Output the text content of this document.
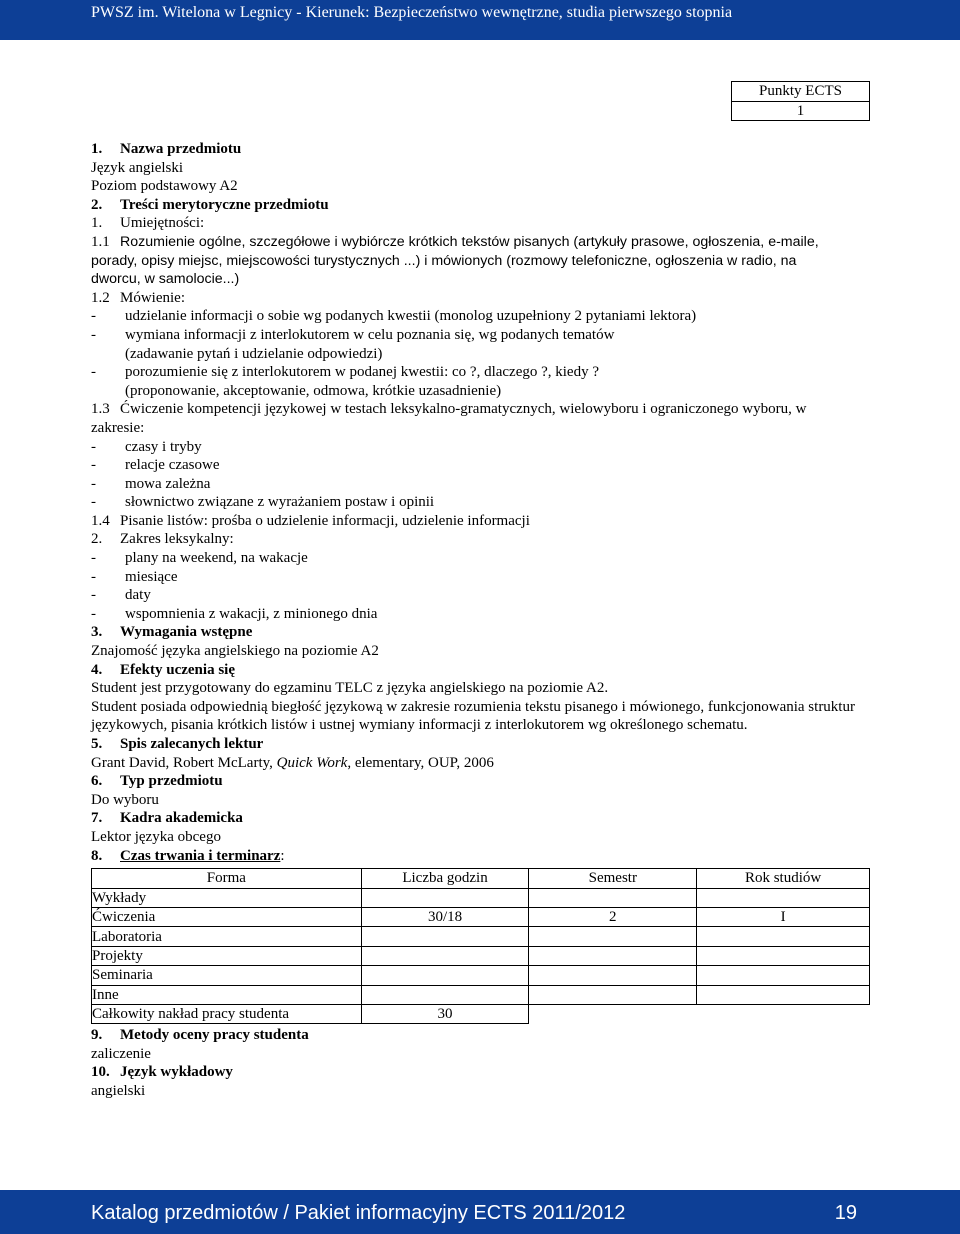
PWSZ im. Witelona w Legnicy - Kierunek: Bezpieczeństwo wewnętrzne, studia pierwszego stopnia
Punkty ECTS
1
1. Nazwa przedmiotu
Język angielski
Poziom podstawowy A2
2. Treści merytoryczne przedmiotu
1. Umiejętności:
1.1 Rozumienie ogólne, szczegółowe i wybiórcze krótkich tekstów pisanych (artykuły prasowe, ogłoszenia, e-maile,
porady, opisy miejsc, miejscowości turystycznych ...) i mówionych (rozmowy telefoniczne, ogłoszenia w radio, na
dworcu, w samolocie...)
1.2 Mówienie:
- udzielanie informacji o sobie wg podanych kwestii (monolog uzupełniony 2 pytaniami lektora)
- wymiana informacji z interlokutorem w celu poznania się, wg podanych tematów
(zadawanie pytań i udzielanie odpowiedzi)
- porozumienie się z interlokutorem w podanej kwestii: co ?, dlaczego ?, kiedy ?
(proponowanie, akceptowanie, odmowa, krótkie uzasadnienie)
1.3 Ćwiczenie kompetencji językowej w testach leksykalno-gramatycznych, wielowyboru i ograniczonego wyboru, w
zakresie:
- czasy i tryby
- relacje czasowe
- mowa zależna
- słownictwo związane z wyrażaniem postaw i opinii
1.4 Pisanie listów: prośba o udzielenie informacji, udzielenie informacji
2. Zakres leksykalny:
- plany na weekend, na wakacje
- miesiące
- daty
- wspomnienia z wakacji, z minionego dnia
3. Wymagania wstępne
Znajomość języka angielskiego na poziomie A2
4. Efekty uczenia się
Student jest przygotowany do egzaminu TELC z języka angielskiego na poziomie A2.
Student posiada odpowiednią biegłość językową w zakresie rozumienia tekstu pisanego i mówionego, funkcjonowania struktur językowych, pisania krótkich listów i ustnej wymiany informacji z interlokutorem wg określonego schematu.
5. Spis zalecanych lektur
Grant David, Robert McLarty, Quick Work, elementary, OUP, 2006
6. Typ przedmiotu
Do wyboru
7. Kadra akademicka
Lektor języka obcego
8. Czas trwania i terminarz:
Forma	Liczba godzin	Semestr	Rok studiów
Wykłady			
Ćwiczenia	30/18	2	I
Laboratoria			
Projekty			
Seminaria			
Inne			
Całkowity nakład pracy studenta	30		
9. Metody oceny pracy studenta
zaliczenie
10. Język wykładowy
angielski
Katalog przedmiotów / Pakiet informacyjny ECTS 2011/2012	19
